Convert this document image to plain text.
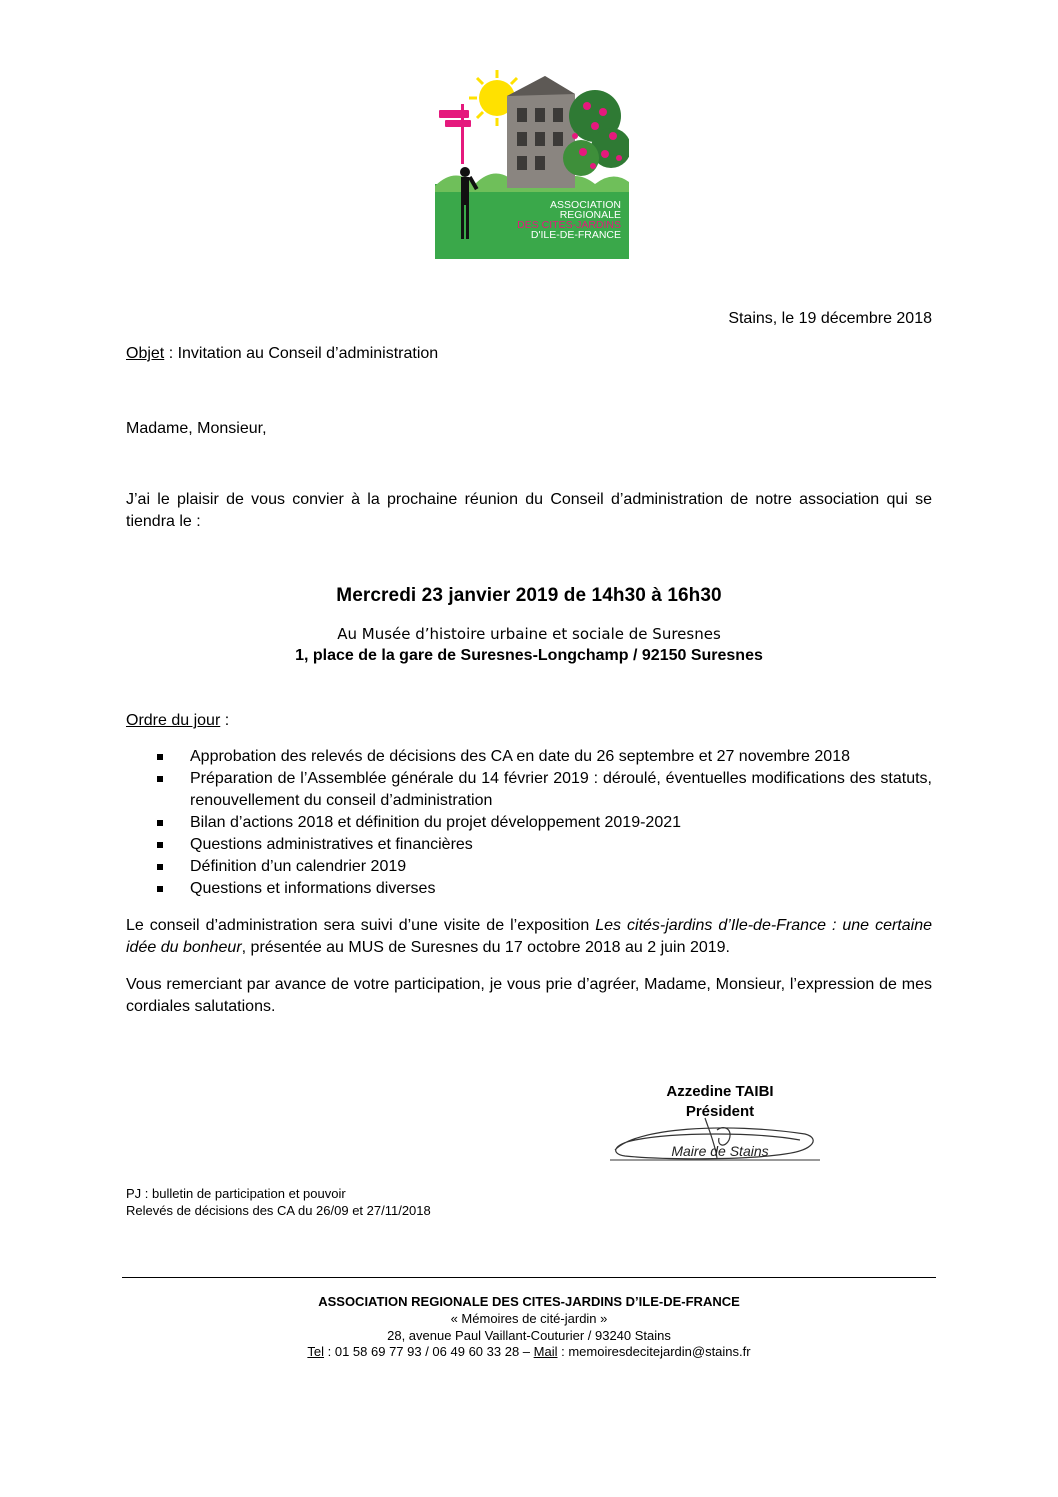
ASSOCIATION
REGIONALE
DES CITES-JARDINS
D'ILE-DE-FRANCE
Stains, le 19 décembre 2018
Objet : Invitation au Conseil d’administration
Madame, Monsieur,
J’ai le plaisir de vous convier à la prochaine réunion du Conseil d’administration de notre association qui se tiendra le :
Mercredi 23 janvier 2019 de 14h30 à 16h30
Au Musée d’histoire urbaine et sociale de Suresnes
1, place de la gare de Suresnes-Longchamp / 92150 Suresnes
Ordre du jour :
Approbation des relevés de décisions des CA en date du 26 septembre et 27 novembre 2018
Préparation de l’Assemblée générale du 14 février 2019 : déroulé, éventuelles modifications des statuts, renouvellement du conseil d’administration
Bilan d’actions 2018 et définition du projet développement 2019-2021
Questions administratives et financières
Définition d’un calendrier 2019
Questions et informations diverses
Le conseil d’administration sera suivi d’une visite de l’exposition Les cités-jardins d’Ile-de-France : une certaine idée du bonheur, présentée au MUS de Suresnes du 17 octobre 2018 au 2 juin 2019.
Vous remerciant par avance de votre participation, je vous prie d’agréer, Madame, Monsieur, l’expression de mes cordiales salutations.
Azzedine TAIBI
Président
Maire de Stains
PJ : bulletin de participation et pouvoir
Relevés de décisions des CA du 26/09 et 27/11/2018
ASSOCIATION REGIONALE DES CITES-JARDINS D’ILE-DE-FRANCE
« Mémoires de cité-jardin »
28, avenue Paul Vaillant-Couturier / 93240 Stains
Tel : 01 58 69 77 93 / 06 49 60 33 28 – Mail : memoiresdecitejardin@stains.fr
